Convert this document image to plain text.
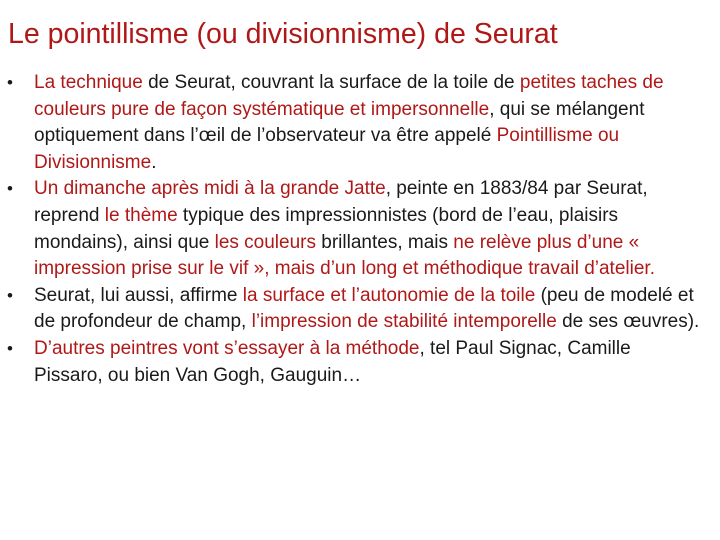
Le pointillisme (ou divisionnisme) de Seurat
• La technique de Seurat, couvrant la surface de la toile de petites taches de couleurs pure de façon systématique et impersonnelle, qui se mélangent optiquement dans l’œil de l’observateur va être appelé Pointillisme ou Divisionnisme.
• Un dimanche après midi à la grande Jatte, peinte en 1883/84 par Seurat, reprend le thème typique des impressionnistes (bord de l’eau, plaisirs mondains), ainsi que les couleurs brillantes, mais ne relève plus d’une « impression prise sur le vif », mais d’un long et méthodique travail d’atelier.
• Seurat, lui aussi, affirme la surface et l’autonomie de la toile (peu de modelé et de profondeur de champ, l’impression de stabilité intemporelle de ses œuvres).
• D’autres peintres vont s’essayer à la méthode, tel Paul Signac, Camille Pissaro, ou bien Van Gogh, Gauguin…
